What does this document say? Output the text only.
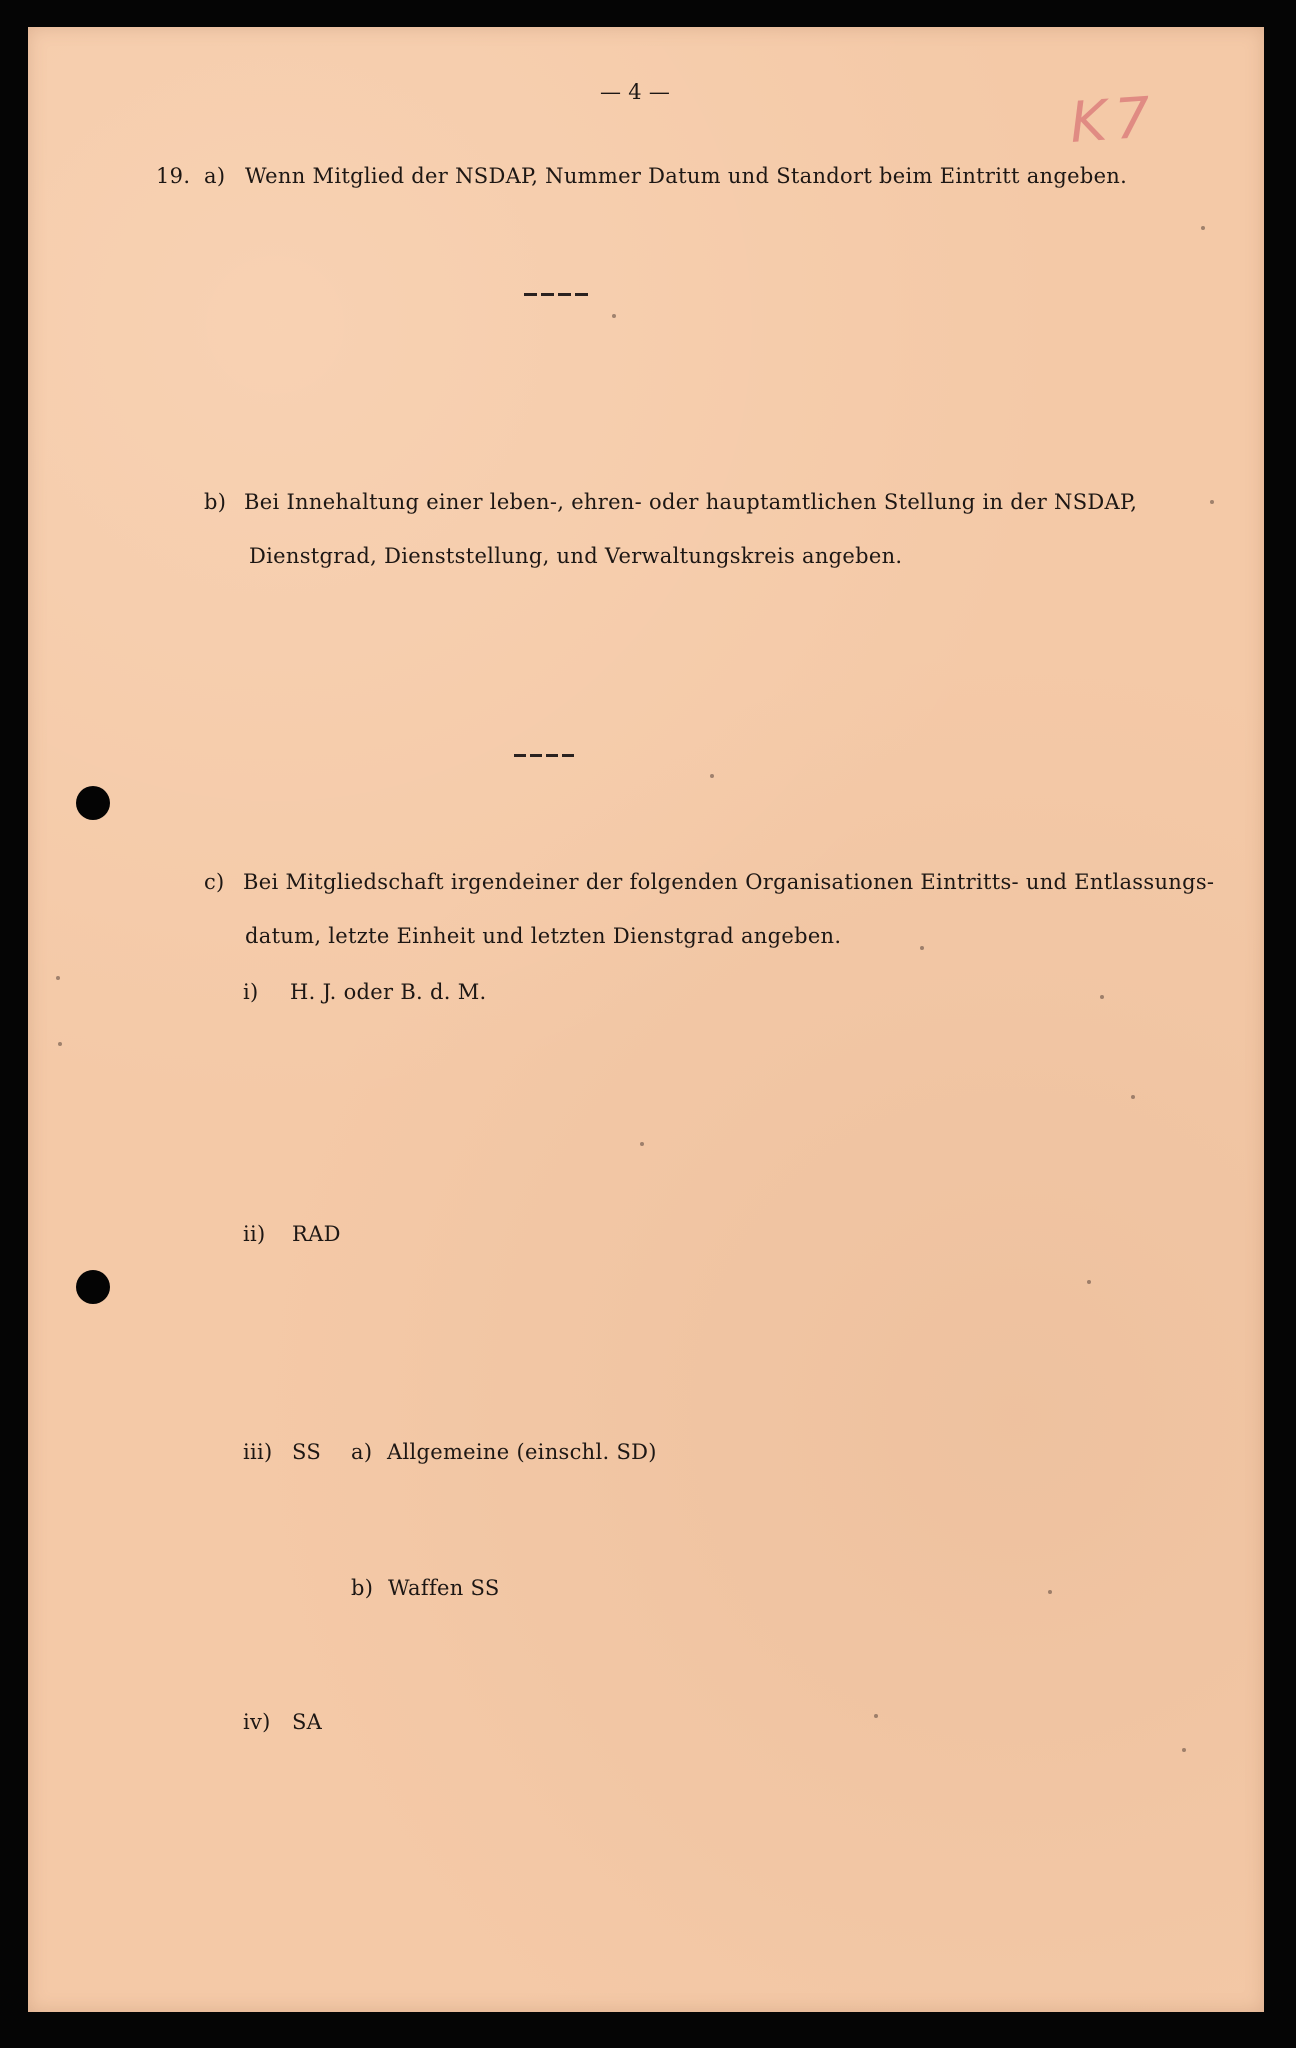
— 4 —	K7
19. a) Wenn Mitglied der NSDAP, Nummer Datum und Standort beim Eintritt angeben.
b) Bei Innehaltung einer leben-, ehren- oder hauptamtlichen Stellung in der NSDAP,
Dienstgrad, Dienststellung, und Verwaltungskreis angeben.
c) Bei Mitgliedschaft irgendeiner der folgenden Organisationen Eintritts- und Entlassungs-
datum, letzte Einheit und letzten Dienstgrad angeben.
i) H. J. oder B. d. M.
ii) RAD
iii) SS a) Allgemeine (einschl. SD)
b) Waffen SS
iv) SA
